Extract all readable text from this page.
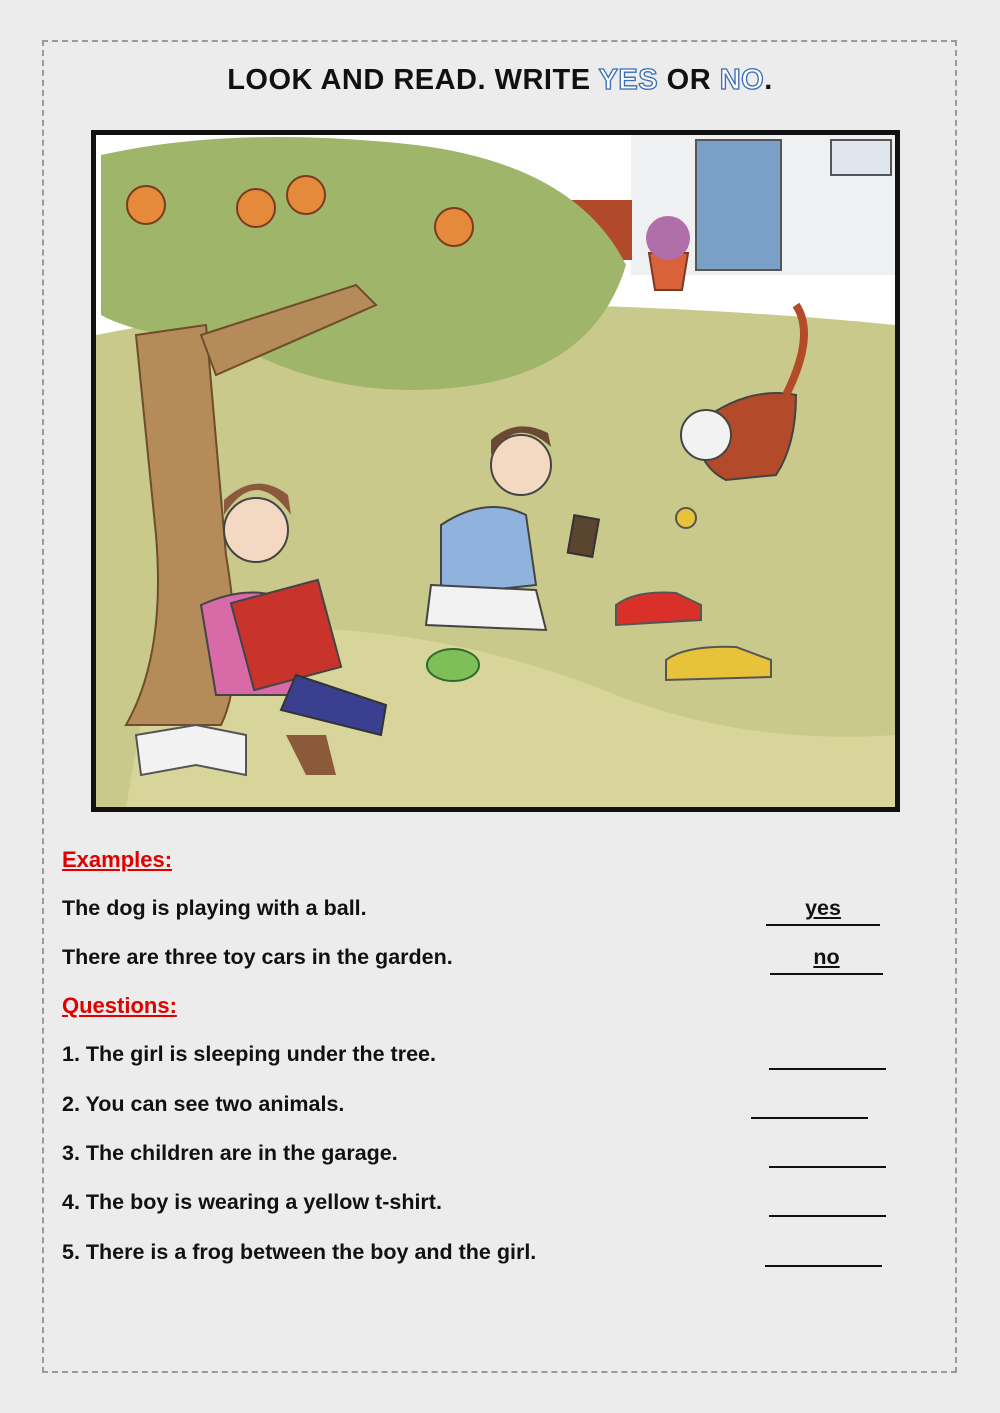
LOOK AND READ. WRITE YES OR NO.
Examples:
The dog is playing with a ball.	yes
There are three toy cars in the garden.	no
Questions:
1. The girl is sleeping under the tree.
2. You can see two animals.
3. The children are in the garage.
4. The boy is wearing a yellow t-shirt.
5. There is a frog between the boy and the girl.
